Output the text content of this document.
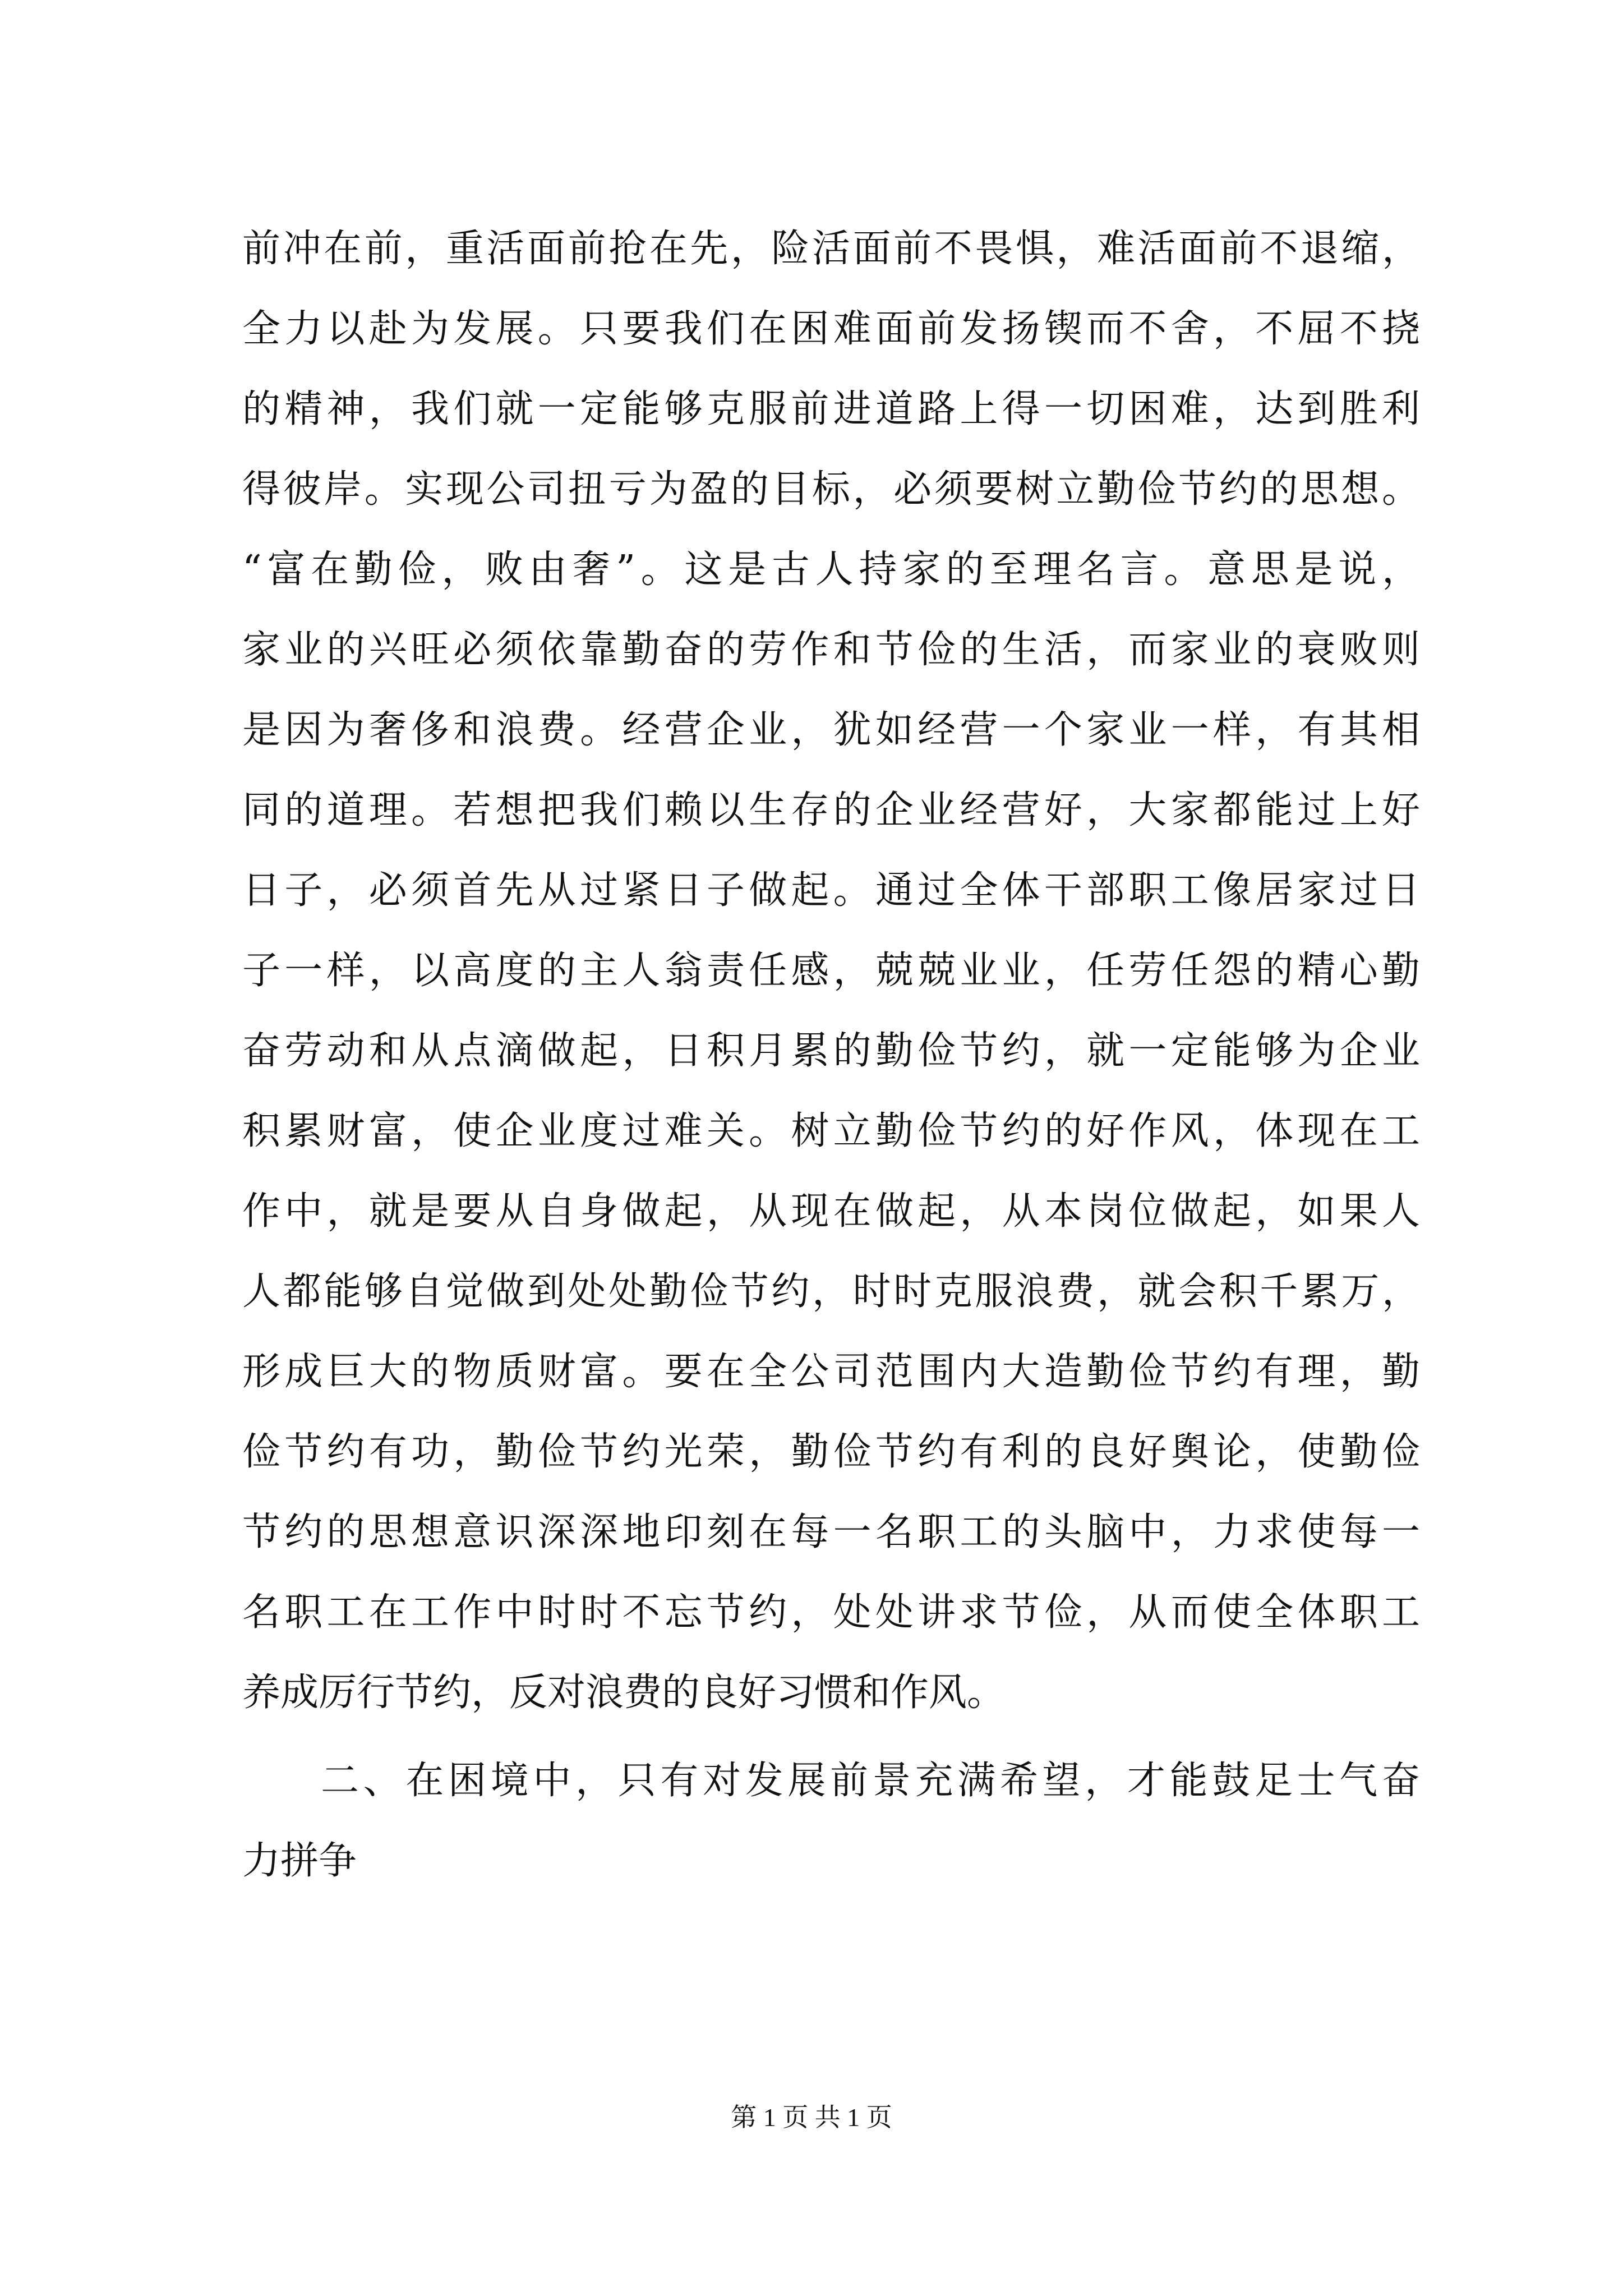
前冲在前，重活面前抢在先，险活面前不畏惧，难活面前不退缩，
全力以赴为发展。只要我们在困难面前发扬锲而不舍，不屈不挠
的精神，我们就一定能够克服前进道路上得一切困难，达到胜利
得彼岸。实现公司扭亏为盈的目标，必须要树立勤俭节约的思想。
“富在勤俭，败由奢”。这是古人持家的至理名言。意思是说，
家业的兴旺必须依靠勤奋的劳作和节俭的生活，而家业的衰败则
是因为奢侈和浪费。经营企业，犹如经营一个家业一样，有其相
同的道理。若想把我们赖以生存的企业经营好，大家都能过上好
日子，必须首先从过紧日子做起。通过全体干部职工像居家过日
子一样，以高度的主人翁责任感，兢兢业业，任劳任怨的精心勤
奋劳动和从点滴做起，日积月累的勤俭节约，就一定能够为企业
积累财富，使企业度过难关。树立勤俭节约的好作风，体现在工
作中，就是要从自身做起，从现在做起，从本岗位做起，如果人
人都能够自觉做到处处勤俭节约，时时克服浪费，就会积千累万，
形成巨大的物质财富。要在全公司范围内大造勤俭节约有理，勤
俭节约有功，勤俭节约光荣，勤俭节约有利的良好舆论，使勤俭
节约的思想意识深深地印刻在每一名职工的头脑中，力求使每一
名职工在工作中时时不忘节约，处处讲求节俭，从而使全体职工
养成厉行节约，反对浪费的良好习惯和作风。
二、在困境中，只有对发展前景充满希望，才能鼓足士气奋
力拼争
第 1 页 共 1 页
